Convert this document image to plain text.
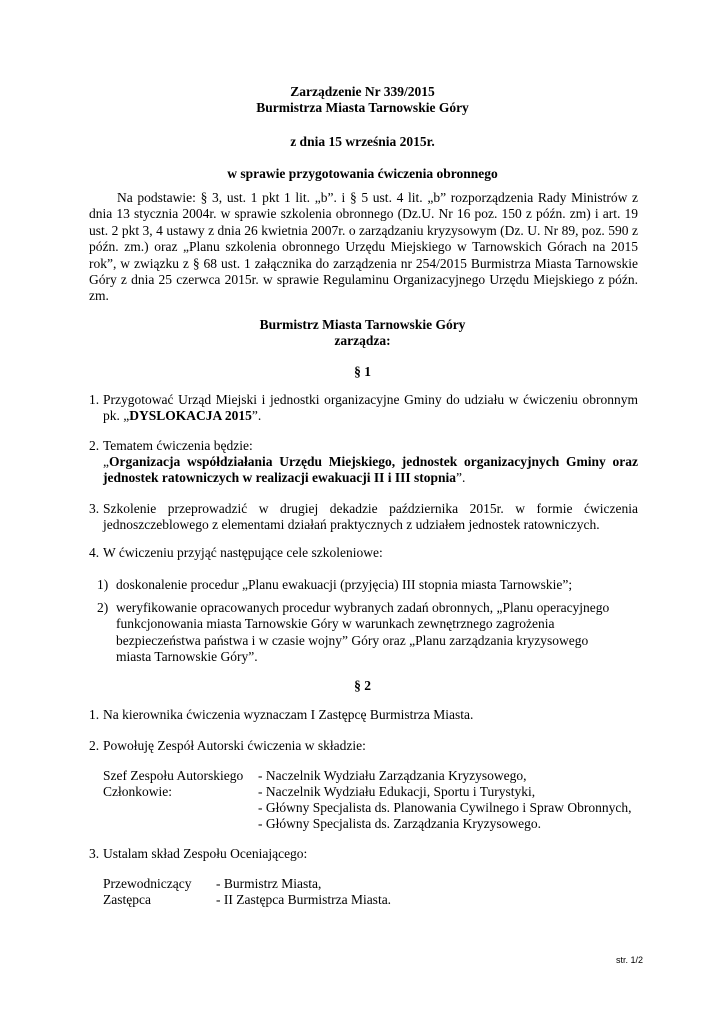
Zarządzenie Nr 339/2015
Burmistrza Miasta Tarnowskie Góry
z dnia 15 września 2015r.
w sprawie przygotowania ćwiczenia obronnego
Na podstawie: § 3, ust. 1 pkt 1 lit. „b”. i § 5 ust. 4 lit. „b” rozporządzenia Rady Ministrów z dnia 13 stycznia 2004r. w sprawie szkolenia obronnego (Dz.U. Nr 16 poz. 150 z późn. zm) i art. 19 ust. 2 pkt 3, 4 ustawy z dnia 26 kwietnia 2007r. o zarządzaniu kryzysowym (Dz. U. Nr 89, poz. 590 z późn. zm.) oraz „Planu szkolenia obronnego Urzędu Miejskiego w Tarnowskich Górach na 2015 rok”, w związku z § 68 ust. 1 załącznika do zarządzenia nr 254/2015 Burmistrza Miasta Tarnowskie Góry z dnia 25 czerwca 2015r. w sprawie Regulaminu Organizacyjnego Urzędu Miejskiego z późn. zm.
Burmistrz Miasta Tarnowskie Góry
zarządza:
§ 1
1. Przygotować Urząd Miejski i jednostki organizacyjne Gminy do udziału w ćwiczeniu obronnym pk. „DYSLOKACJA 2015”.
2. Tematem ćwiczenia będzie:
„Organizacja współdziałania Urzędu Miejskiego, jednostek organizacyjnych Gminy oraz jednostek ratowniczych w realizacji ewakuacji II i III stopnia”.
3. Szkolenie przeprowadzić w drugiej dekadzie października 2015r. w formie ćwiczenia jednoszczeblowego z elementami działań praktycznych z udziałem jednostek ratowniczych.
4. W ćwiczeniu przyjąć następujące cele szkoleniowe:
1) doskonalenie procedur „Planu ewakuacji (przyjęcia) III stopnia miasta Tarnowskie”;
2) weryfikowanie opracowanych procedur wybranych zadań obronnych, „Planu operacyjnego
funkcjonowania miasta Tarnowskie Góry w warunkach zewnętrznego zagrożenia
bezpieczeństwa państwa i w czasie wojny” Góry oraz „Planu zarządzania kryzysowego
miasta Tarnowskie Góry”.
§ 2
1. Na kierownika ćwiczenia wyznaczam I Zastępcę Burmistrza Miasta.
2. Powołuję Zespół Autorski ćwiczenia w składzie:
Szef Zespołu Autorskiego
Członkowie:
- Naczelnik Wydziału Zarządzania Kryzysowego,
- Naczelnik Wydziału Edukacji, Sportu i Turystyki,
- Główny Specjalista ds. Planowania Cywilnego i Spraw Obronnych,
- Główny Specjalista ds. Zarządzania Kryzysowego.
3. Ustalam skład Zespołu Oceniającego:
Przewodniczący - Burmistrz Miasta,
Zastępca	- II Zastępca Burmistrza Miasta.
str. 1/2
